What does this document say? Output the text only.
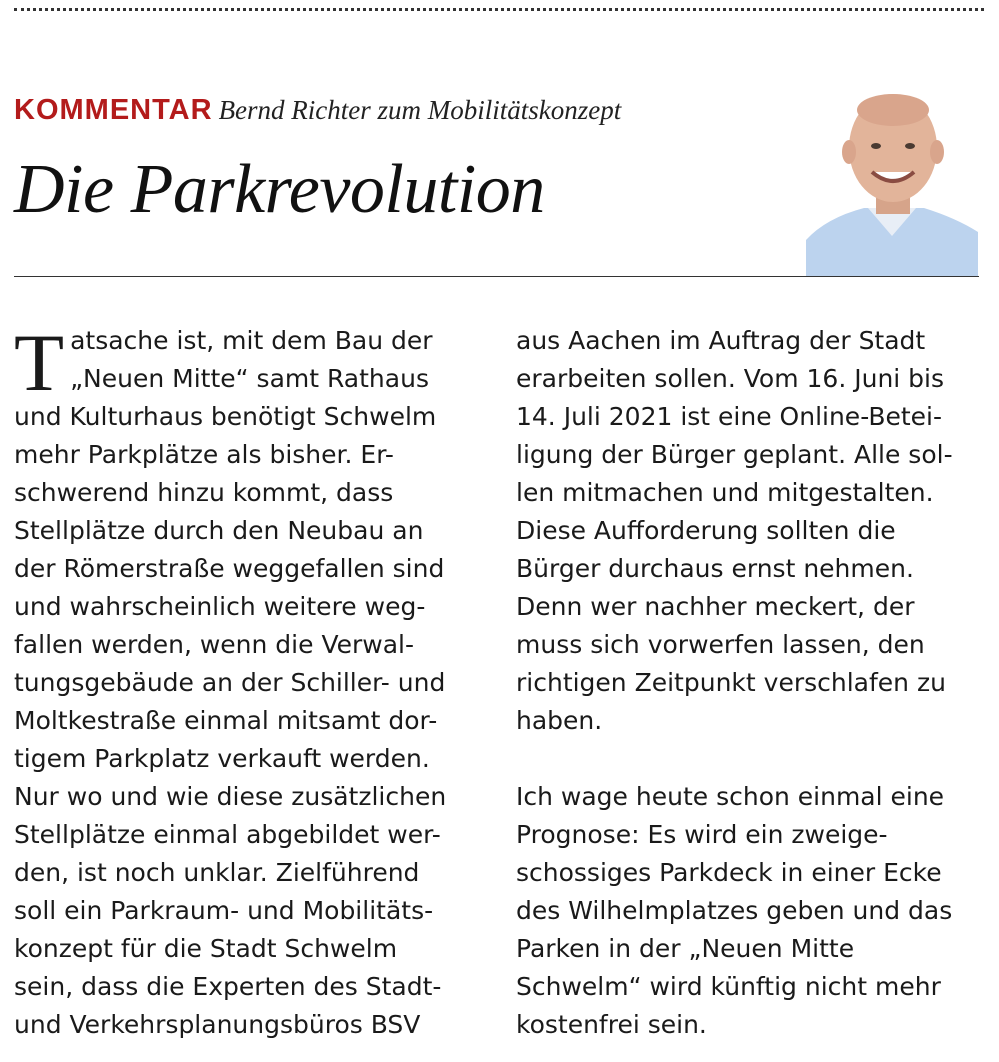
KOMMENTAR Bernd Richter zum Mobilitätskonzept
Die Parkrevolution
T atsache ist, mit dem Bau der
„Neuen Mitte“ samt Rathaus
und Kulturhaus benötigt Schwelm
mehr Parkplätze als bisher. Er-
schwerend hinzu kommt, dass
Stellplätze durch den Neubau an
der Römerstraße weggefallen sind
und wahrscheinlich weitere weg-
fallen werden, wenn die Verwal-
tungsgebäude an der Schiller- und
Moltkestraße einmal mitsamt dor-
tigem Parkplatz verkauft werden.
Nur wo und wie diese zusätzlichen
Stellplätze einmal abgebildet wer-
den, ist noch unklar. Zielführend
soll ein Parkraum- und Mobilitäts-
konzept für die Stadt Schwelm
sein, dass die Experten des Stadt-
und Verkehrsplanungsbüros BSV
aus Aachen im Auftrag der Stadt
erarbeiten sollen. Vom 16. Juni bis
14. Juli 2021 ist eine Online-Betei-
ligung der Bürger geplant. Alle sol-
len mitmachen und mitgestalten.
Diese Aufforderung sollten die
Bürger durchaus ernst nehmen.
Denn wer nachher meckert, der
muss sich vorwerfen lassen, den
richtigen Zeitpunkt verschlafen zu
haben.
Ich wage heute schon einmal eine
Prognose: Es wird ein zweige-
schossiges Parkdeck in einer Ecke
des Wilhelmplatzes geben und das
Parken in der „Neuen Mitte
Schwelm“ wird künftig nicht mehr
kostenfrei sein.
